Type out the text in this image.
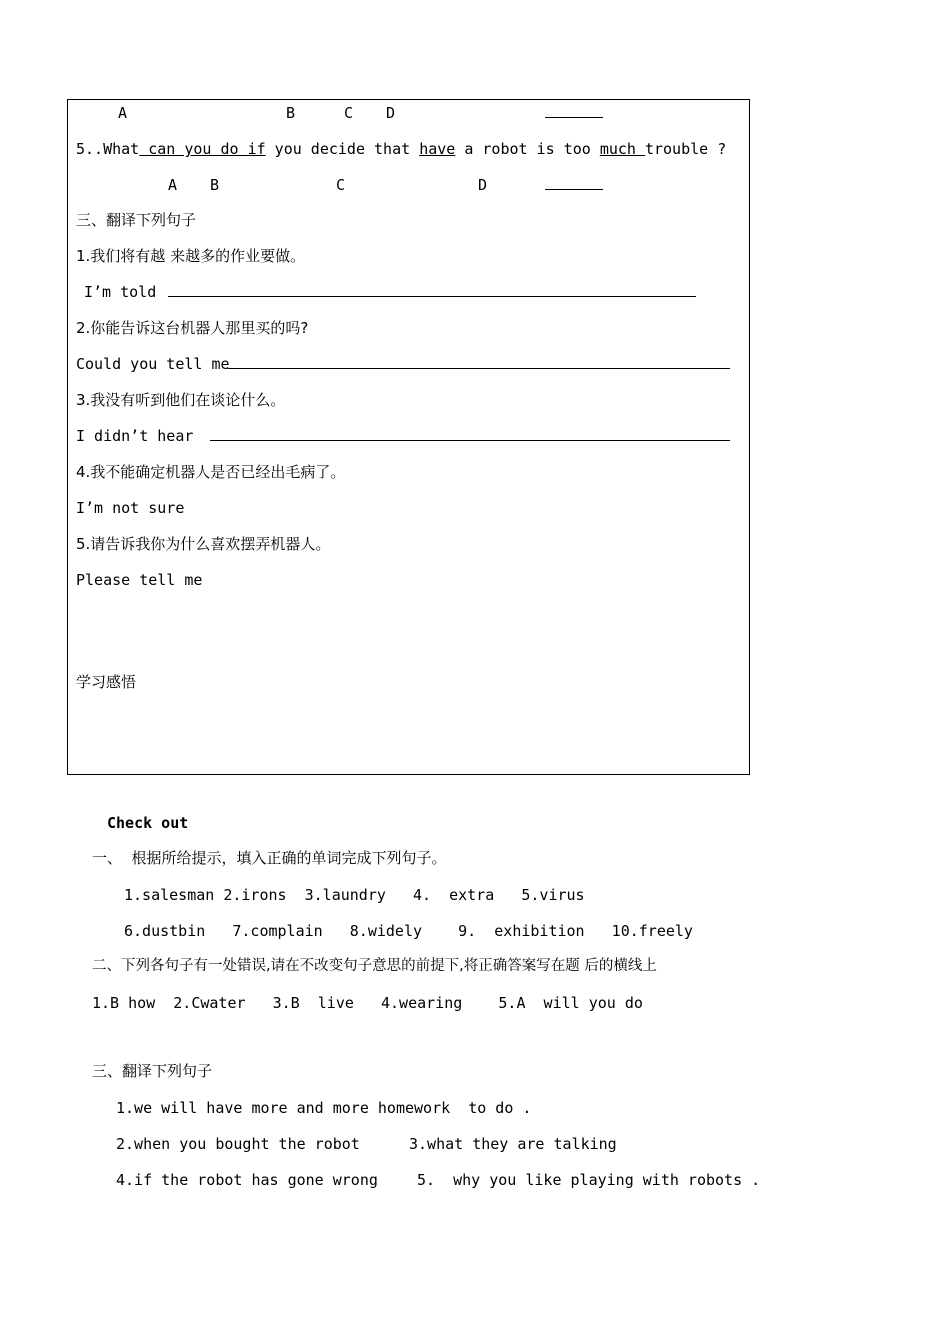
A	B	C D
5..What can you do if you decide that have a robot is too much trouble ?
A B	C	D
三、翻译下列句子
1.我们将有越 来越多的作业要做。
I’m told
2.你能告诉这台机器人那里买的吗?
Could you tell me
3.我没有听到他们在谈论什么。
I didn’t hear
4.我不能确定机器人是否已经出毛病了。
I’m not sure
5.请告诉我你为什么喜欢摆弄机器人。
Please tell me
学习感悟
Check out
一、  根据所给提示，填入正确的单词完成下列句子。
1.salesman 2.irons  3.laundry   4.  extra   5.virus
6.dustbin   7.complain   8.widely    9.  exhibition   10.freely
二、下列各句子有一处错误,请在不改变句子意思的前提下,将正确答案写在题 后的横线上
1.B how  2.Cwater   3.B  live   4.wearing    5.A  will you do
三、翻译下列句子
1.we will have more and more homework  to do .
2.when you bought the robot	3.what they are talking
4.if the robot has gone wrong	5.  why you like playing with robots .
